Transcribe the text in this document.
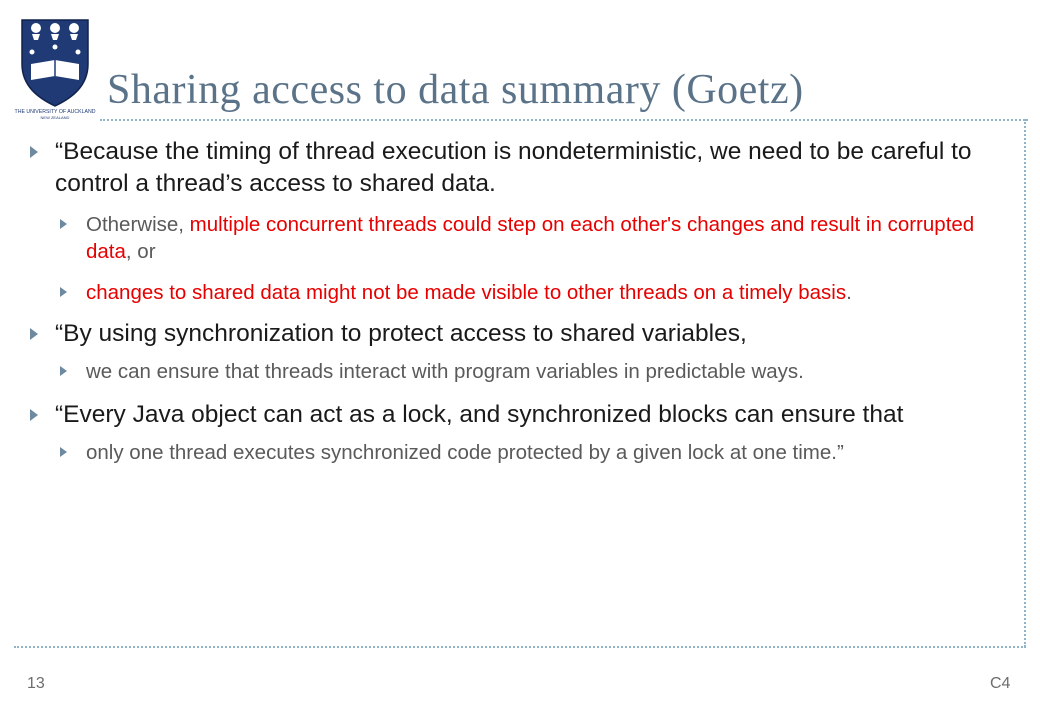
THE UNIVERSITY OF AUCKLAND
NEW ZEALAND
Sharing access to data summary (Goetz)
“Because the timing of thread execution is nondeterministic, we need to be careful to control a thread’s access to shared data.
Otherwise, multiple concurrent threads could step on each other's changes and result in corrupted data, or
changes to shared data might not be made visible to other threads on a timely basis.
“By using synchronization to protect access to shared variables,
we can ensure that threads interact with program variables in predictable ways.
“Every Java object can act as a lock, and synchronized blocks can ensure that
only one thread executes synchronized code protected by a given lock at one time.”
13	C4
